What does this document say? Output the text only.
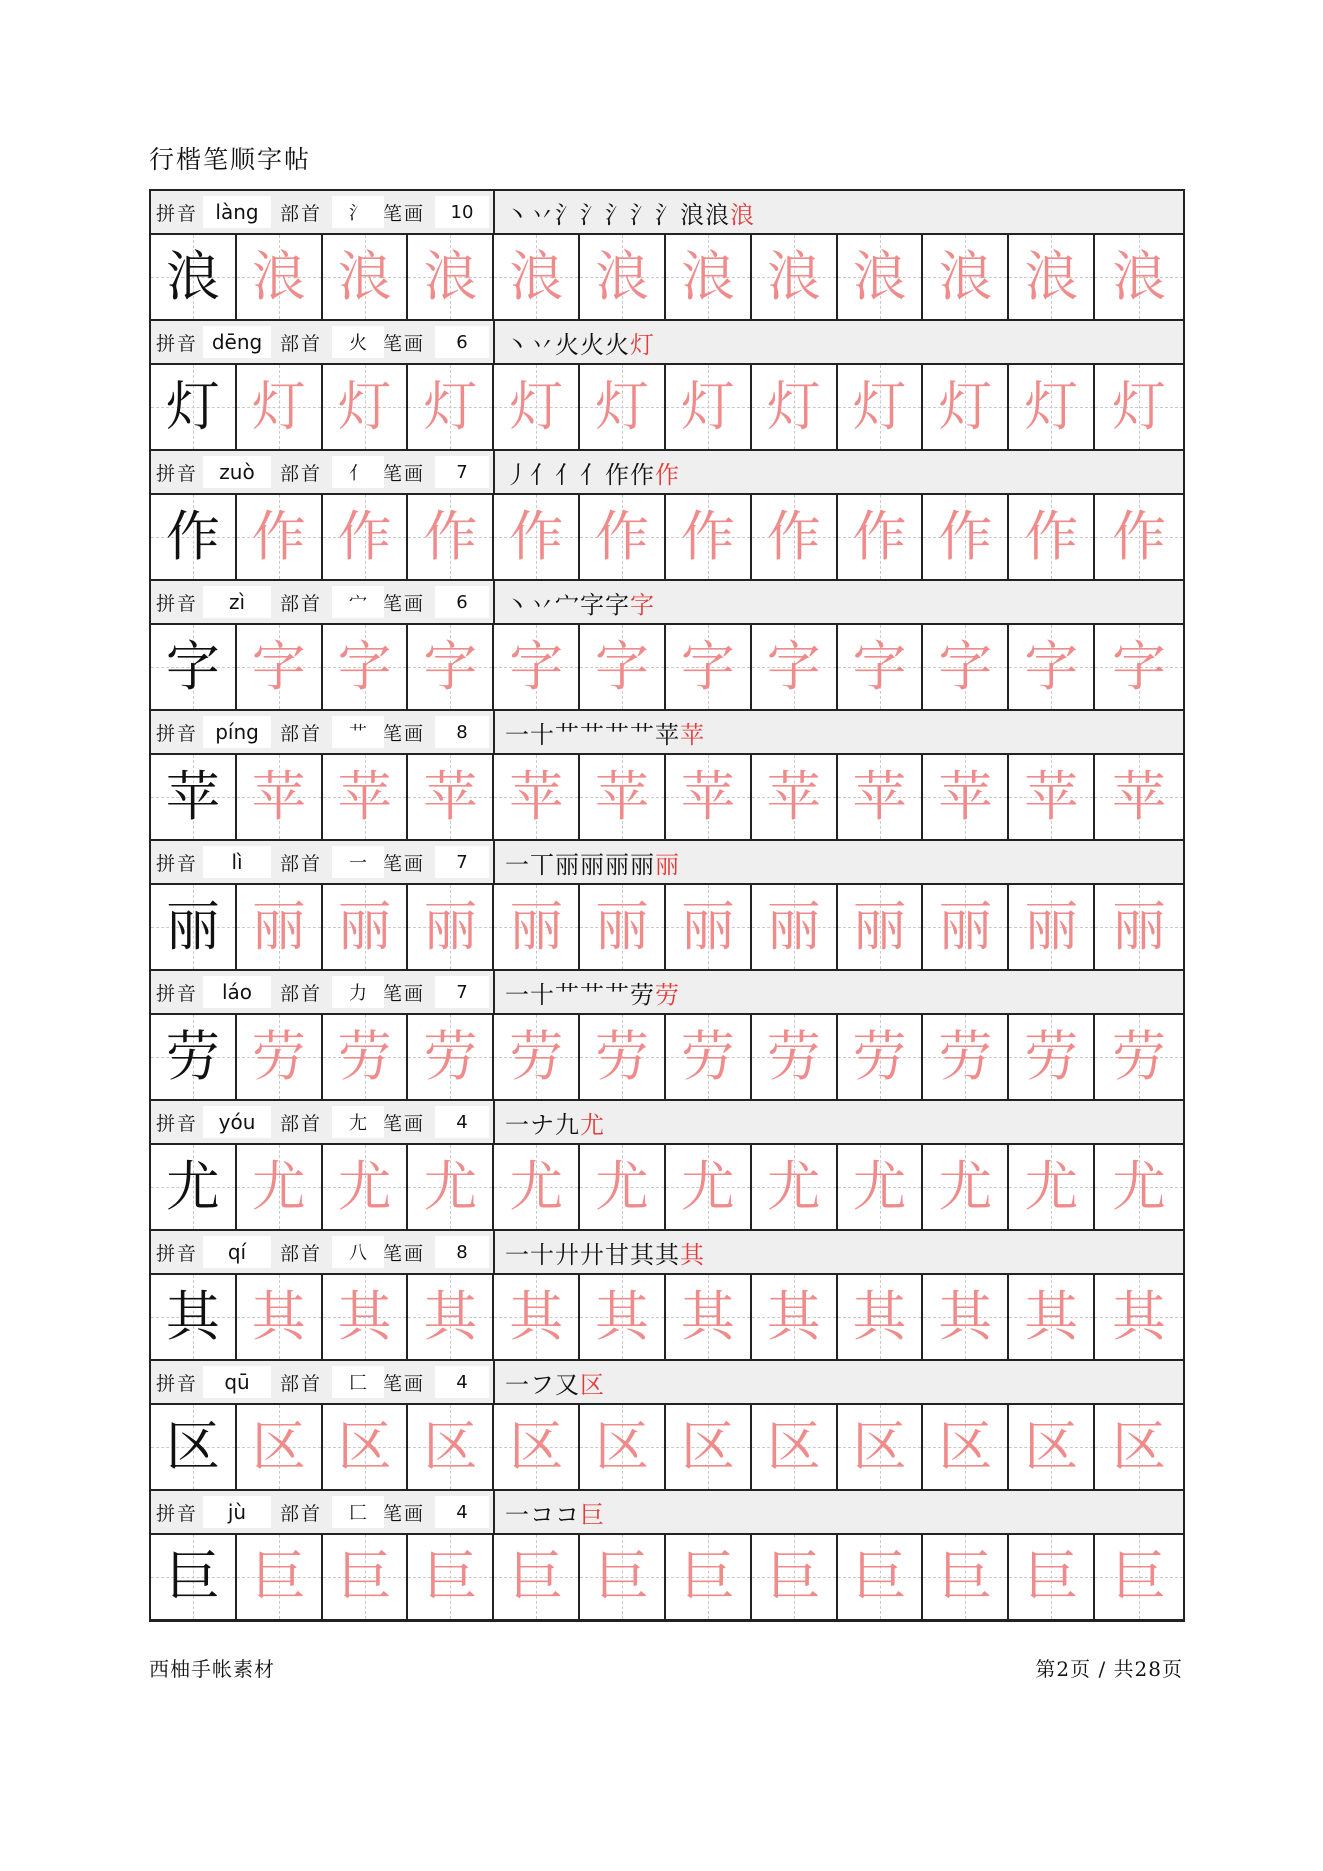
行楷笔顺字帖
拼音 làng	部首	氵 笔画	10	丶丷氵氵氵氵氵浪浪浪
浪 浪 浪 浪 浪 浪 浪 浪 浪 浪 浪 浪
拼音 dēng 部首	火 笔画	6	丶丷火火火灯
灯 灯 灯 灯 灯 灯 灯 灯 灯 灯 灯 灯
拼音	zuò	部首	亻 笔画	7	丿亻亻亻作作作
作 作 作 作 作 作 作 作 作 作 作 作
拼音	zì	部首	宀 笔画	6	丶丷宀字字字
字 字 字 字 字 字 字 字 字 字 字 字
拼音 píng	部首	艹 笔画	8	一十艹艹艹艹苹苹
苹 苹 苹 苹 苹 苹 苹 苹 苹 苹 苹 苹
拼音	lì	部首	一 笔画	7	一丅丽丽丽丽丽
丽 丽 丽 丽 丽 丽 丽 丽 丽 丽 丽 丽
拼音	láo	部首	力 笔画	7	一十艹艹艹劳劳
劳 劳 劳 劳 劳 劳 劳 劳 劳 劳 劳 劳
拼音	yóu	部首	尢 笔画	4	一ナ九尤
尤 尤 尤 尤 尤 尤 尤 尤 尤 尤 尤 尤
拼音	qí	部首	八 笔画	8	一十廾廾甘其其其
其 其 其 其 其 其 其 其 其 其 其 其
拼音	qū	部首	匚 笔画	4	一フ又区
区 区 区 区 区 区 区 区 区 区 区 区
拼音	jù	部首	匚 笔画	4	一ココ巨
巨 巨 巨 巨 巨 巨 巨 巨 巨 巨 巨 巨
西柚手帐素材	第2页 / 共28页
